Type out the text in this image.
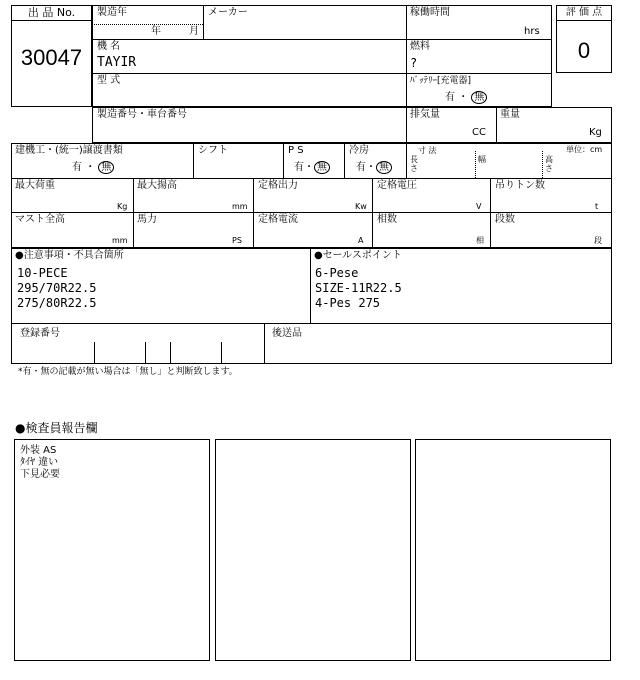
出 品 No.
30047
製造年
年	月
メーカー	稼働時間
hrs
機 名
TAYIR
燃料
?
型 式	ﾊﾞｯﾃﾘｰ[充電器]
有 ・ 無
評 価 点
0
製造番号・車台番号	排気量
CC
重量
Kg
建機工・(統一)譲渡書類
有 ・ 無
シフト	P S
有・ 無
冷房
有・ 無
寸 法	単位：cm
長
さ
幅	高
さ
最大荷重
Kg
最大揚高
mm
定格出力
Kw
定格電圧
V
吊りトン数
t
マスト全高
mm
馬力
PS
定格電流
A
相数
相
段数
段
●注意事項・不具合箇所
10-PECE
295/70R22.5
275/80R22.5
●セールスポイント
6-Pese
SIZE-11R22.5
4-Pes 275
登録番号	後送品
*有・無の記載が無い場合は「無し」と判断致します。
●検査員報告欄
外装 AS
ﾀｲﾔ 違い
下見必要
